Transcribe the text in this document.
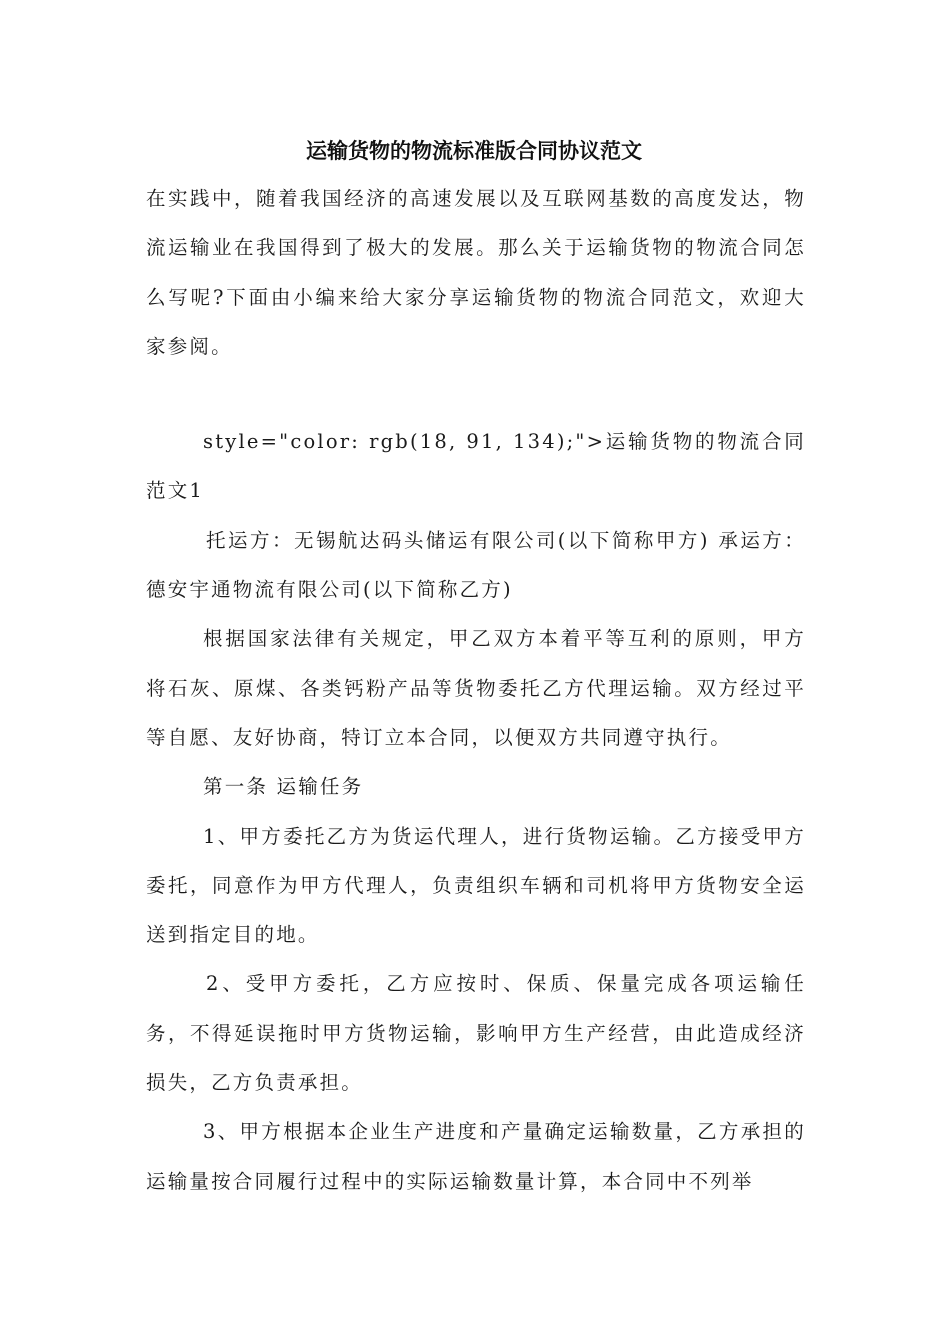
运输货物的物流标准版合同协议范文

在实践中，随着我国经济的高速发展以及互联网基数的高度发达，物流运输业在我国得到了极大的发展。那么关于运输货物的物流合同怎么写呢?下面由小编来给大家分享运输货物的物流合同范文，欢迎大家参阅。

style="color: rgb(18, 91, 134);">运输货物的物流合同范文1

托运方：无锡航达码头储运有限公司(以下简称甲方) 承运方：德安宇通物流有限公司(以下简称乙方)

根据国家法律有关规定，甲乙双方本着平等互利的原则，甲方将石灰、原煤、各类钙粉产品等货物委托乙方代理运输。双方经过平等自愿、友好协商，特订立本合同，以便双方共同遵守执行。

第一条 运输任务

1、甲方委托乙方为货运代理人，进行货物运输。乙方接受甲方委托，同意作为甲方代理人，负责组织车辆和司机将甲方货物安全运送到指定目的地。

2、受甲方委托，乙方应按时、保质、保量完成各项运输任务，不得延误拖时甲方货物运输，影响甲方生产经营，由此造成经济损失，乙方负责承担。

3、甲方根据本企业生产进度和产量确定运输数量，乙方承担的运输量按合同履行过程中的实际运输数量计算，本合同中不列举
